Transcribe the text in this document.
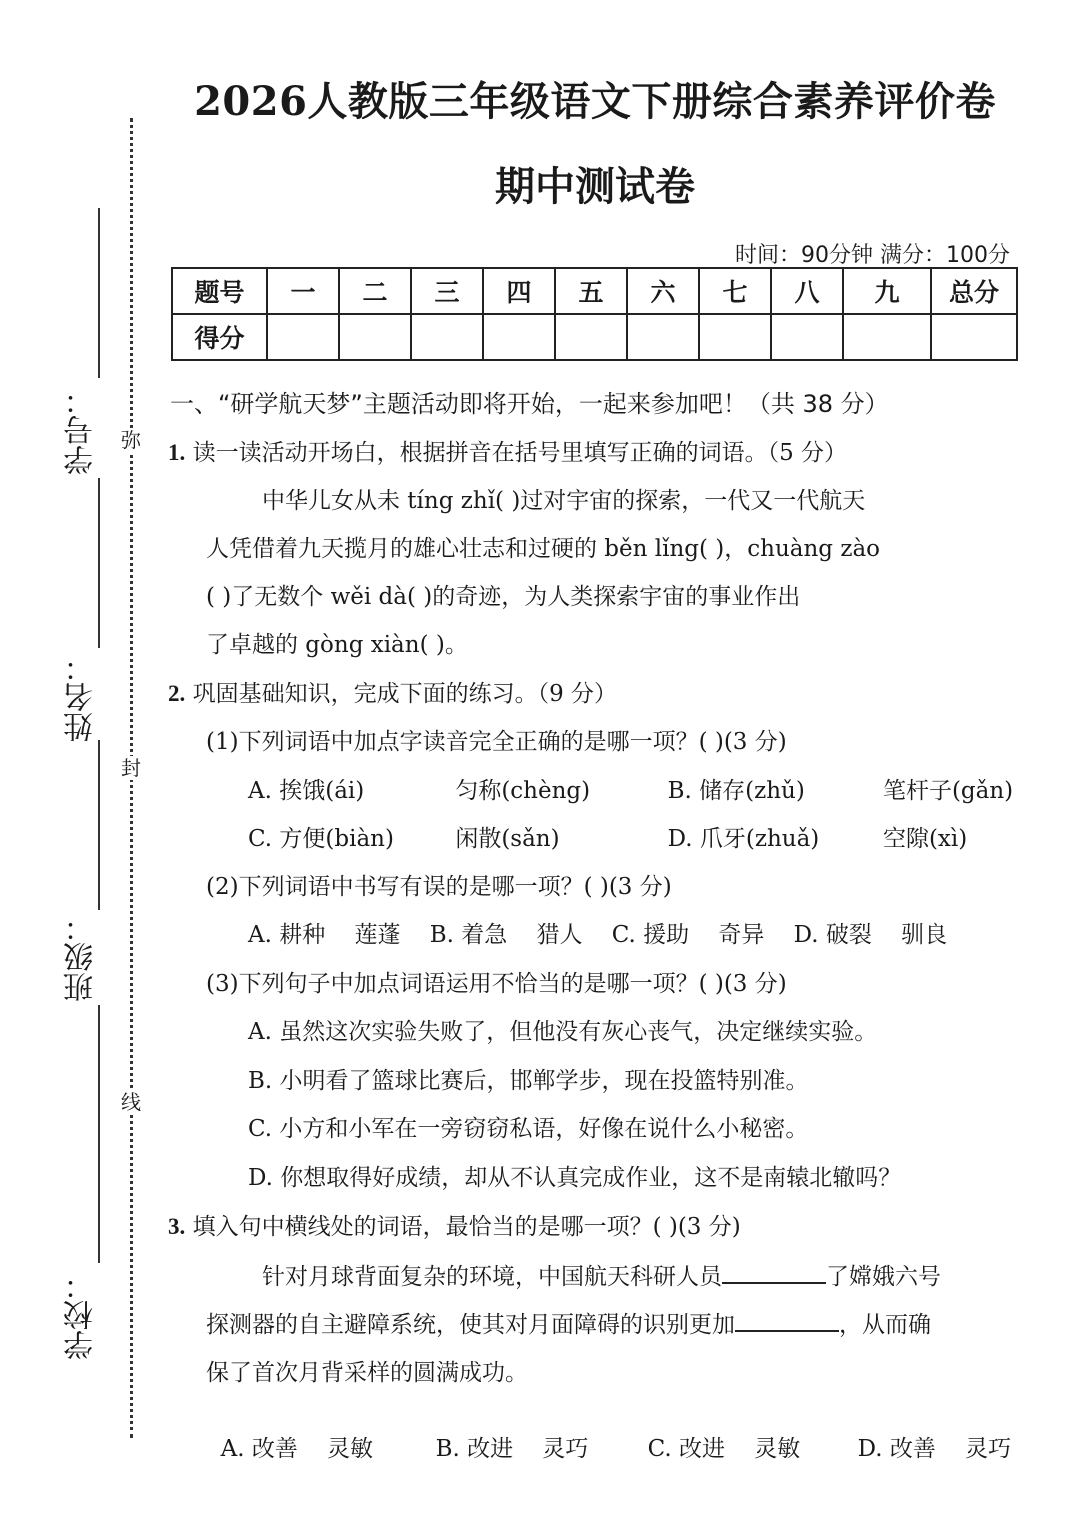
弥
封
线
学号：
姓名：
班级：
学校：
2026人教版三年级语文下册综合素养评价卷
期中测试卷
时间：90分钟 满分：100分
题号	一	二	三	四	五	六	七	八	九	总分
得分										
一、“研学航天梦”主题活动即将开始，一起来参加吧！（共 38 分）
1. 读一读活动开场白，根据拼音在括号里填写正确的词语。（5 分）
中华儿女从未 tíng zhǐ( )过对宇宙的探索，一代又一代航天
人凭借着九天揽月的雄心壮志和过硬的 běn lǐng( )，chuàng zào
( )了无数个 wěi dà( )的奇迹，为人类探索宇宙的事业作出
了卓越的 gòng xiàn( )。
2. 巩固基础知识，完成下面的练习。（9 分）
(1)下列词语中加点字读音完全正确的是哪一项？( )(3 分)
A. 挨饿(ái)	匀称(chèng)	B. 储存(zhǔ)	笔杆子(gǎn)
C. 方便(biàn)	闲散(sǎn)	D. 爪牙(zhuǎ)	空隙(xì)
(2)下列词语中书写有误的是哪一项？( )(3 分)
A. 耕种    莲蓬    B. 着急    猎人    C. 援助    奇异    D. 破裂    驯良
(3)下列句子中加点词语运用不恰当的是哪一项？( )(3 分)
A. 虽然这次实验失败了，但他没有灰心丧气，决定继续实验。
B. 小明看了篮球比赛后，邯郸学步，现在投篮特别准。
C. 小方和小军在一旁窃窃私语，好像在说什么小秘密。
D. 你想取得好成绩，却从不认真完成作业，这不是南辕北辙吗？
3. 填入句中横线处的词语，最恰当的是哪一项？( )(3 分)
针对月球背面复杂的环境，中国航天科研人员	了嫦娥六号
探测器的自主避障系统，使其对月面障碍的识别更加	，从而确
保了首次月背采样的圆满成功。

A. 改善    灵敏	B. 改进    灵巧	C. 改进    灵敏 D. 改善    灵巧
